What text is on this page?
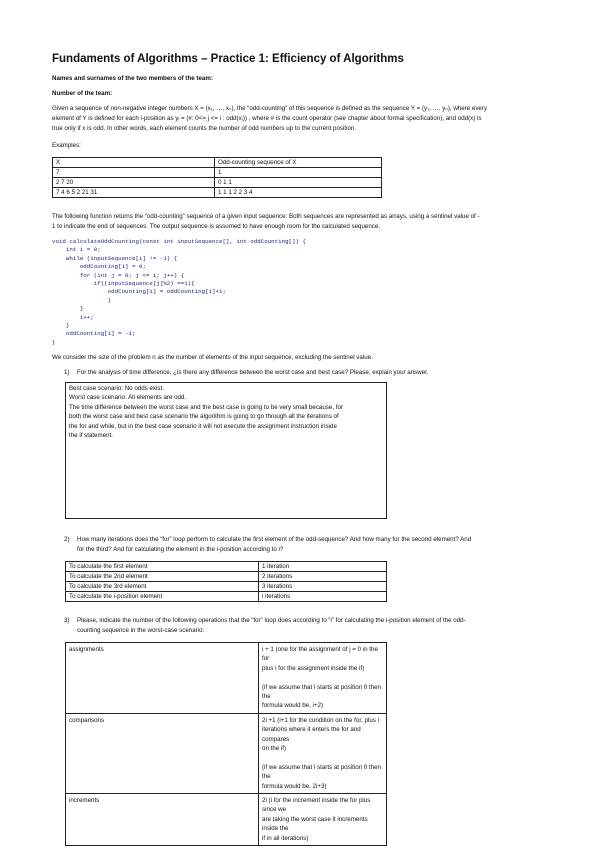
Fundaments of Algorithms – Practice 1: Efficiency of Algorithms
Names and surnames of the two members of the team:
Number of the team:
Given a sequence of non-negative integer numbers X = (x₁, …, xₙ), the “odd-counting” of this sequence is defined as the sequence Y = (y₁, …, yₙ), where every
element of Y is defined for each i-position as yᵢ = (#: 0<= j <= i : odd(xⱼ)) , where # is the count operator (see chapter about formal specification), and odd(x) is
true only if x is odd. In other words, each element counts the number of odd numbers up to the current position.
Examples:
X	Odd-counting sequence of X
7	1
2 7 20	0 1 1
7 4 6 5 2 21 31	1 1 1 2 2 3 4
The following function returns the “odd-counting” sequence of a given input sequence. Both sequences are represented as arrays, using a sentinel value of -
1 to indicate the end of sequences. The output sequence is assumed to have enough room for the calculated sequence.
void calculateOddCounting(const int inputSequence[], int oddCounting[]) {
int i = 0;
while (inputSequence[i] != -1) {
oddCounting[i] = 0;
for (int j = 0; j <= i; j++) {
if((inputSequence[j]%2) ==1){
oddCounting[i] = oddCounting[i]+1;
}
}
i++;
}
oddCounting[i] = -1;
}
We consider the size of the problem n as the number of elements of the input sequence, excluding the sentinel value.
1) For the analysis of time difference, ¿is there any difference between the worst case and best case? Please, explain your answer.
Best case scenario: No odds exist.
Worst case scenario: All elements are odd.
The time difference between the worst case and the best case is going to be very small because, for
both the worst case and best case scenario the algorithm is going to go through all the iterations of
the for and while, but in the best case scenario it will not execute the assignment instruction inside
the if statement.
2) How many iterations does the “for” loop perform to calculate the first element of the odd-sequence? And how many for the second element? And
for the third? And for calculating the element in the i-position according to i?
To calculate the first element	1 iteration
To calculate the 2nd element	2 iterations
To calculate the 3rd element	3 iterations
To calculate the i-position element	i iterations
3) Please, indicate the number of the following operations that the “for” loop does according to “i” for calculating the i-position element of the odd-
counting sequence in the worst-case scenario:
assignments	i + 1 (one for the assignment of j = 0 in the for
plus i for the assignment inside the if)
(if we assume that i starts at position 0 then the
formula would be, i+2)

comparisons	2i +1 (i+1 for the condition on the for, plus i
iterations where it enters the for and compares
on the if)
(if we assume that i starts at position 0 then the
formula would be, 2i+3)

increments	2i (i for the increment inside the for plus since we
are taking the worst case it increments inside the
if in all iterations)
